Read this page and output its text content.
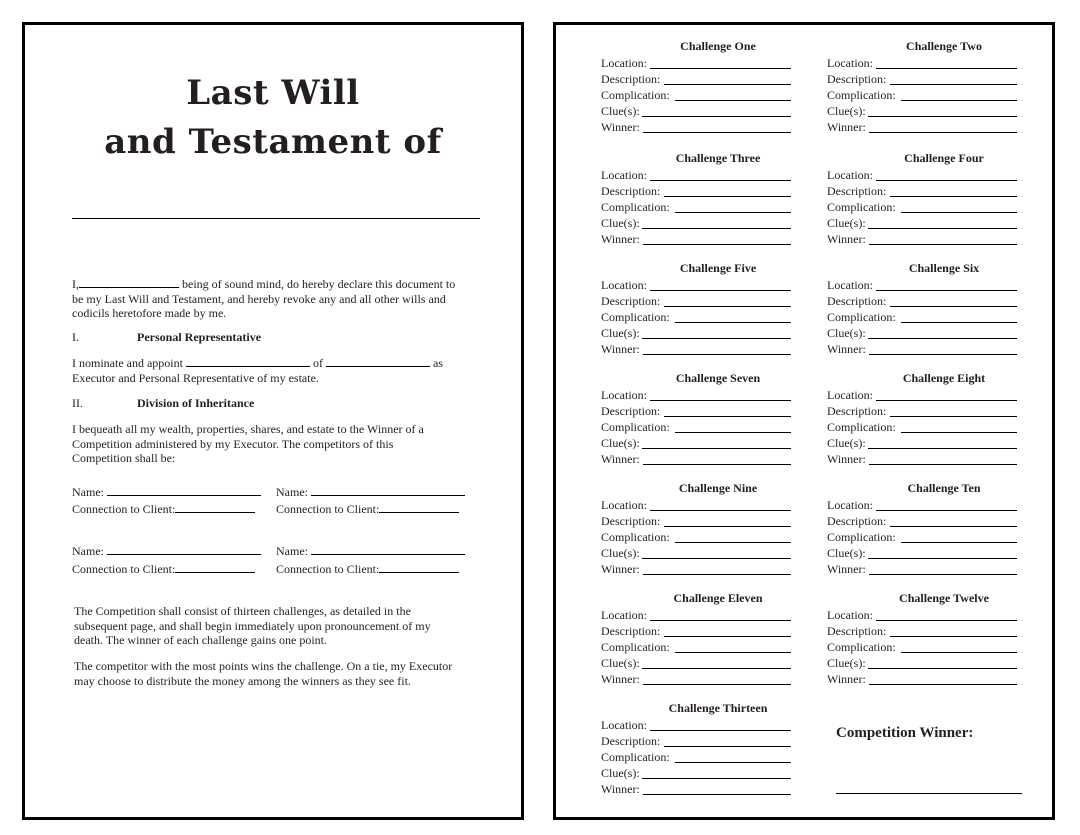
Last Will
and Testament of
I,	being of sound mind, do hereby declare this document to
be my Last Will and Testament, and hereby revoke any and all other wills and
codicils heretofore made by me.
I.	Personal Representative
I nominate and appoint	of	as
Executor and Personal Representative of my estate.
II.	Division of Inheritance
I bequeath all my wealth, properties, shares, and estate to the Winner of a
Competition administered by my Executor. The competitors of this
Competition shall be:
Name:	Name:
Connection to Client:	Connection to Client:
Name:	Name:
Connection to Client:	Connection to Client:
The Competition shall consist of thirteen challenges, as detailed in the
subsequent page, and shall begin immediately upon pronouncement of my
death. The winner of each challenge gains one point.
The competitor with the most points wins the challenge. On a tie, my Executor
may choose to distribute the money among the winners as they see fit.
Challenge One
Location:
Description:
Complication:
Clue(s):
Winner:
Challenge Two
Location:
Description:
Complication:
Clue(s):
Winner:
Challenge Three
Location:
Description:
Complication:
Clue(s):
Winner:
Challenge Four
Location:
Description:
Complication:
Clue(s):
Winner:
Challenge Five
Location:
Description:
Complication:
Clue(s):
Winner:
Challenge Six
Location:
Description:
Complication:
Clue(s):
Winner:
Challenge Seven
Location:
Description:
Complication:
Clue(s):
Winner:
Challenge Eight
Location:
Description:
Complication:
Clue(s):
Winner:
Challenge Nine
Location:
Description:
Complication:
Clue(s):
Winner:
Challenge Ten
Location:
Description:
Complication:
Clue(s):
Winner:
Challenge Eleven
Location:
Description:
Complication:
Clue(s):
Winner:
Challenge Twelve
Location:
Description:
Complication:
Clue(s):
Winner:
Challenge Thirteen
Location:
Description:
Complication:
Clue(s):
Winner:
Competition Winner:
